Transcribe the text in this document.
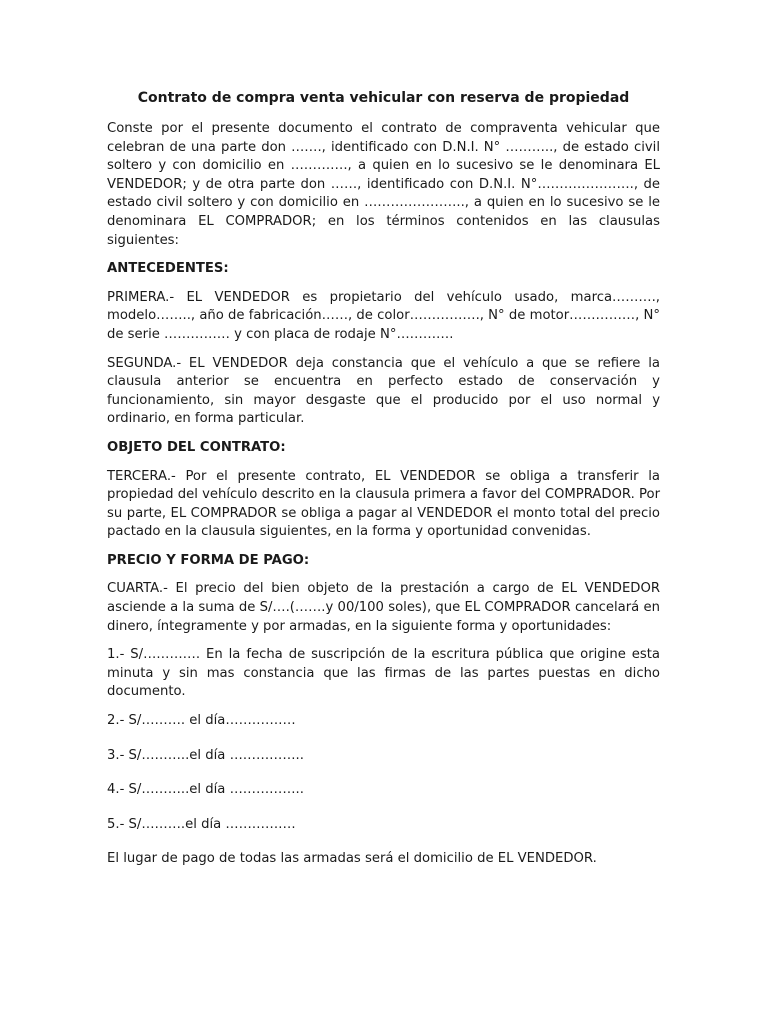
Contrato de compra venta vehicular con reserva de propiedad

Conste por el presente documento el contrato de compraventa vehicular que celebran de una parte don ……., identificado con D.N.I. N° ……….., de estado civil soltero y con domicilio en …………., a quien en lo sucesivo se le denominara EL VENDEDOR; y de otra parte don ……, identificado con D.N.I. N°…………………., de estado civil soltero y con domicilio en ………………….., a quien en lo sucesivo se le denominara EL COMPRADOR; en los términos contenidos en las clausulas siguientes:

ANTECEDENTES:

PRIMERA.- EL VENDEDOR es propietario del vehículo usado, marca………., modelo…….., año de fabricación……, de color……………., N° de motor……………, N° de serie …………… y con placa de rodaje N°………….

SEGUNDA.- EL VENDEDOR deja constancia que el vehículo a que se refiere la clausula anterior se encuentra en perfecto estado de conservación y funcionamiento, sin mayor desgaste que el producido por el uso normal y ordinario, en forma particular.

OBJETO DEL CONTRATO:

TERCERA.- Por el presente contrato, EL VENDEDOR se obliga a transferir la propiedad del vehículo descrito en la clausula primera a favor del COMPRADOR. Por su parte, EL COMPRADOR se obliga a pagar al VENDEDOR el monto total del precio pactado en la clausula siguientes, en la forma y oportunidad convenidas.

PRECIO Y FORMA DE PAGO:

CUARTA.- El precio del bien objeto de la prestación a cargo de EL VENDEDOR asciende a la suma de S/….(…….y 00/100 soles), que EL COMPRADOR cancelará en dinero, íntegramente y por armadas, en la siguiente forma y oportunidades:

1.- S/…………. En la fecha de suscripción de la escritura pública que origine esta minuta y sin mas constancia que las firmas de las partes puestas en dicho documento.

2.- S/………. el día…………….

3.- S/………..el día ……………..

4.- S/………..el día ……………..

5.- S/……….el día …………….

El lugar de pago de todas las armadas será el domicilio de EL VENDEDOR.
